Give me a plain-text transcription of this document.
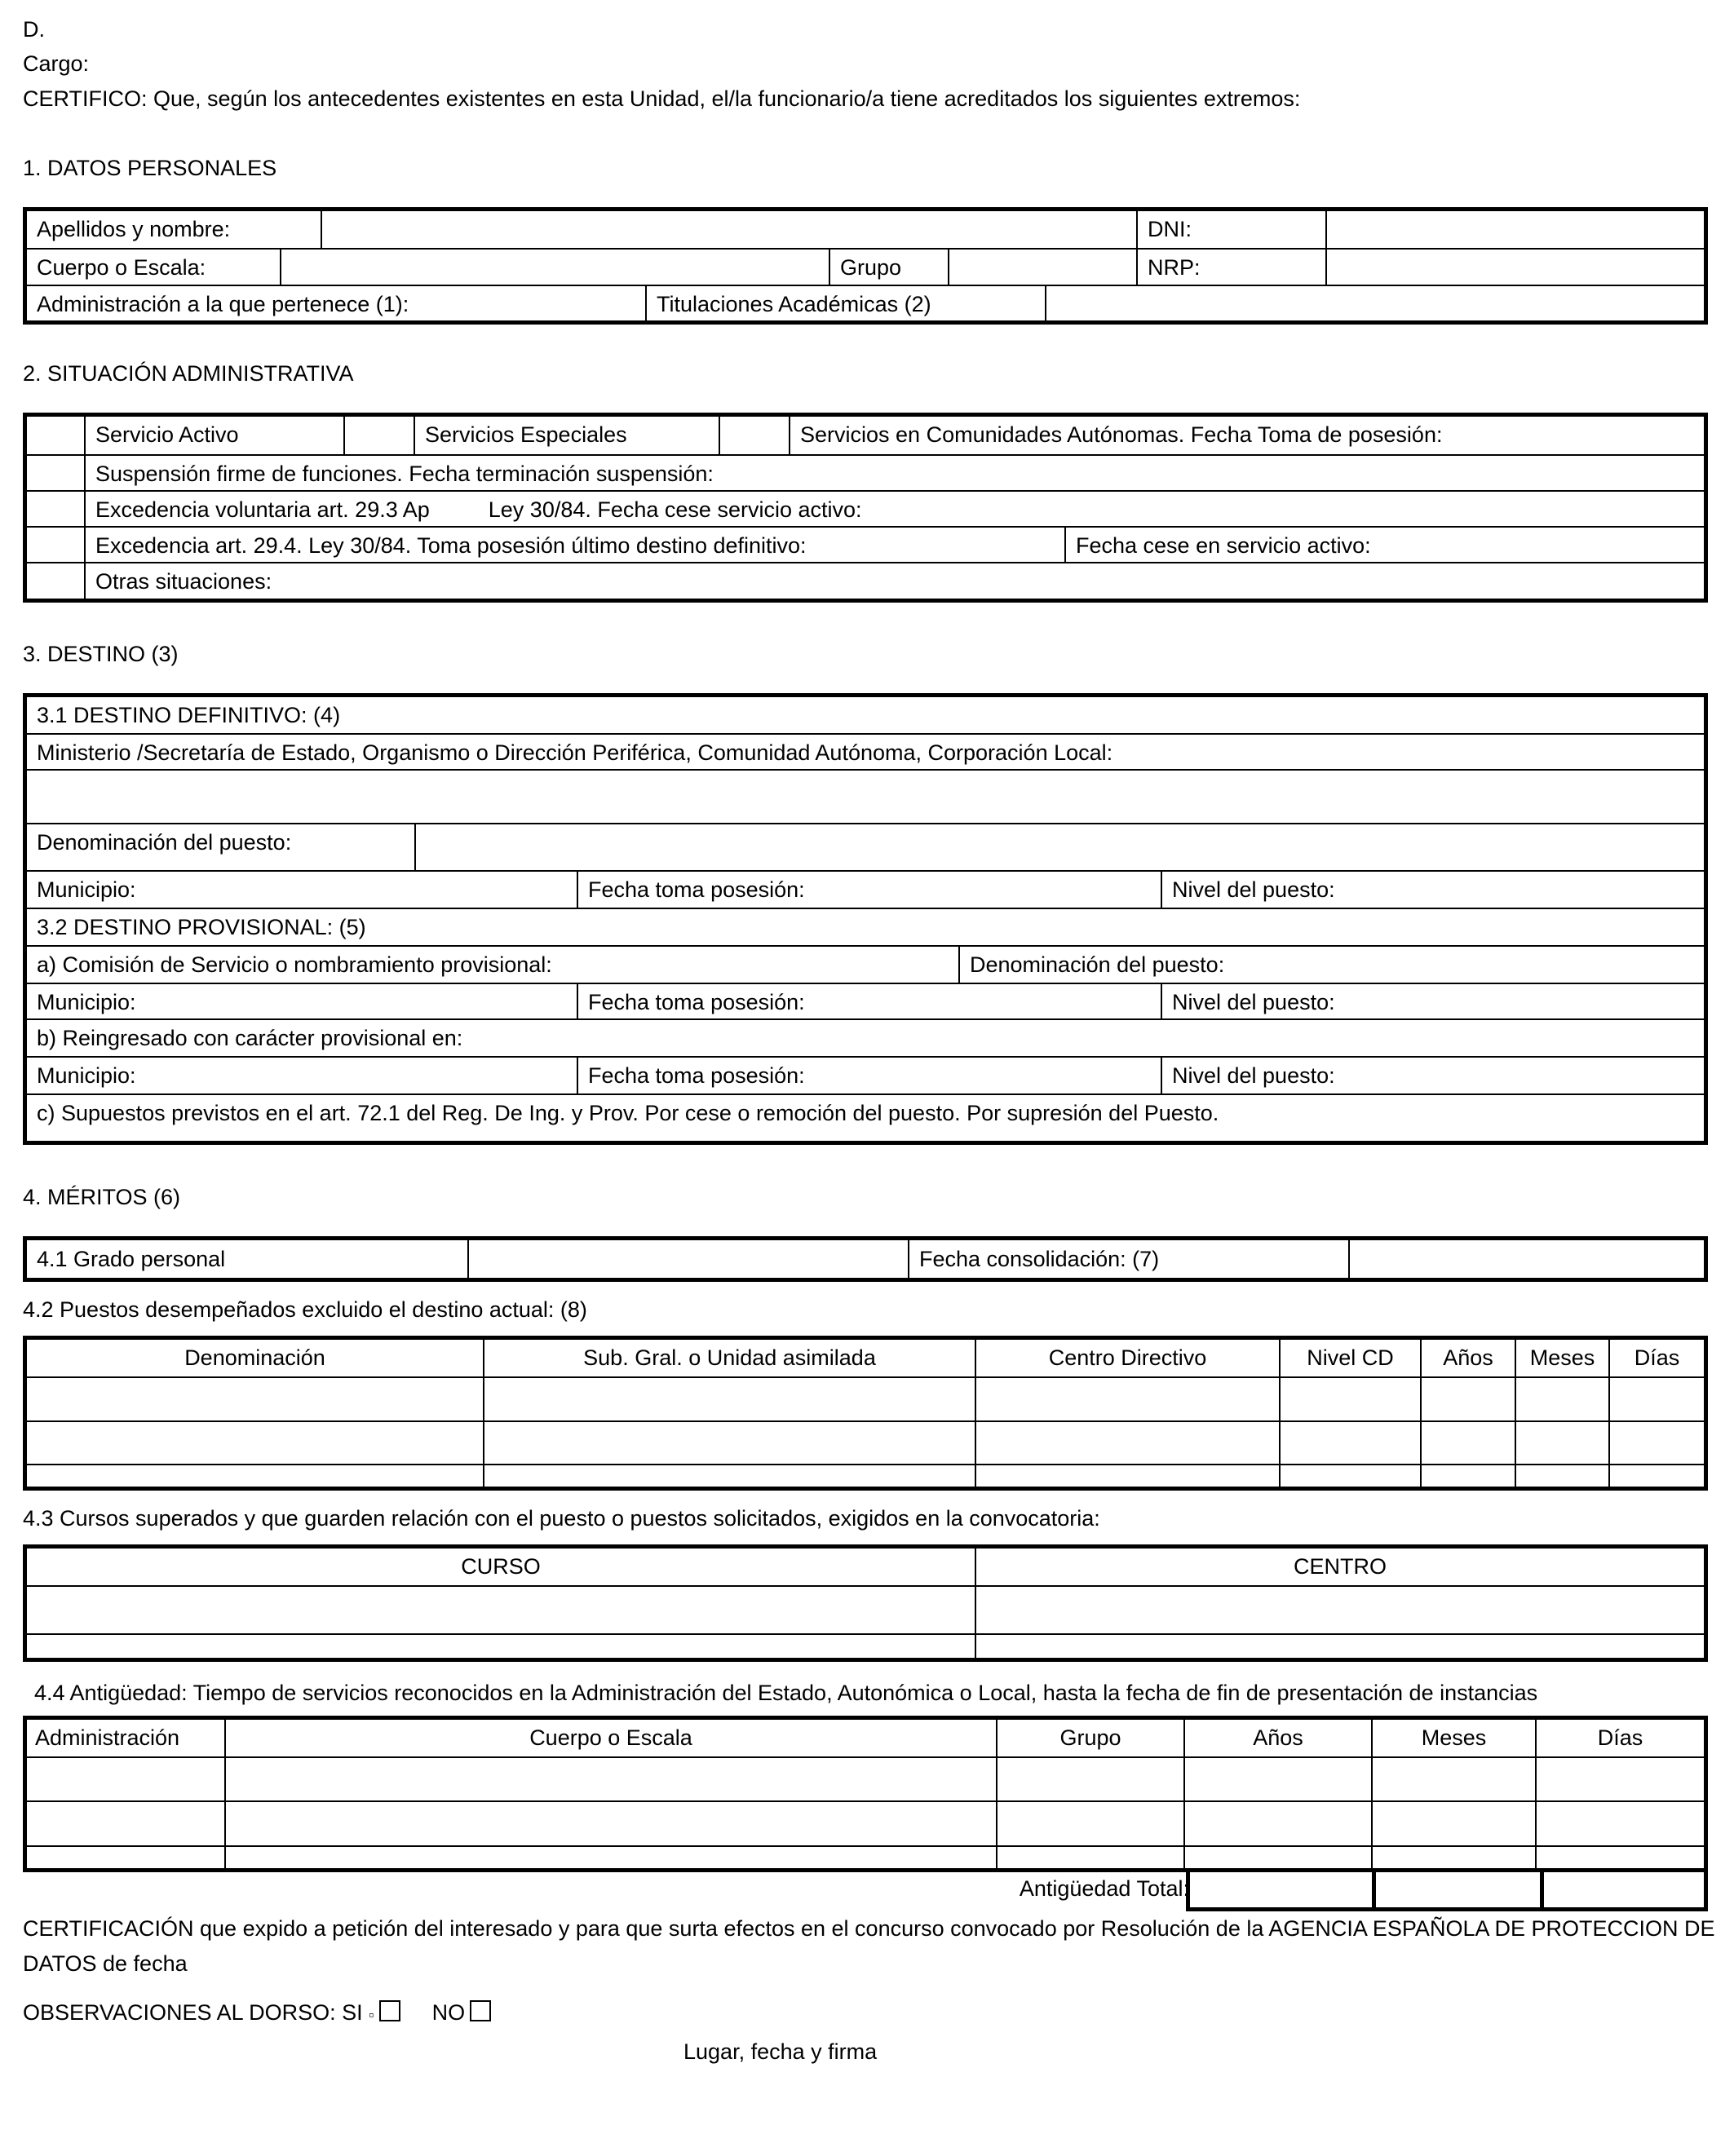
D.
Cargo:
CERTIFICO: Que, según los antecedentes existentes en esta Unidad, el/la funcionario/a tiene acreditados los siguientes extremos:
1. DATOS PERSONALES
Apellidos y nombre:	DNI:
Cuerpo o Escala:	Grupo	NRP:
Administración a la que pertenece (1):	Titulaciones Académicas (2)
2. SITUACIÓN ADMINISTRATIVA
Servicio Activo	Servicios Especiales	Servicios en Comunidades Autónomas. Fecha Toma de posesión:
Suspensión firme de funciones. Fecha terminación suspensión:
Excedencia voluntaria art. 29.3 Ap	Ley 30/84. Fecha cese servicio activo:
Excedencia art. 29.4. Ley 30/84. Toma posesión último destino definitivo:	Fecha cese en servicio activo:
Otras situaciones:
3. DESTINO (3)
3.1 DESTINO DEFINITIVO: (4)
Ministerio /Secretaría de Estado, Organismo o Dirección Periférica, Comunidad Autónoma, Corporación Local:
Denominación del puesto:
Municipio:	Fecha toma posesión:	Nivel del puesto:
3.2 DESTINO PROVISIONAL: (5)
a) Comisión de Servicio o nombramiento provisional:	Denominación del puesto:
Municipio:	Fecha toma posesión:	Nivel del puesto:
b) Reingresado con carácter provisional en:
Municipio:	Fecha toma posesión:	Nivel del puesto:
c) Supuestos previstos en el art. 72.1 del Reg. De Ing. y Prov. Por cese o remoción del puesto. Por supresión del Puesto.
4. MÉRITOS (6)
4.1 Grado personal	Fecha consolidación: (7)
4.2 Puestos desempeñados excluido el destino actual: (8)
Denominación	Sub. Gral. o Unidad asimilada	Centro Directivo	Nivel CD	Años	Meses	Días

4.3 Cursos superados y que guarden relación con el puesto o puestos solicitados, exigidos en la convocatoria:
CURSO	CENTRO

4.4 Antigüedad: Tiempo de servicios reconocidos en la Administración del Estado, Autonómica o Local, hasta la fecha de fin de presentación de instancias
Administración	Cuerpo o Escala	Grupo	Años	Meses	Días

Antigüedad Total:
CERTIFICACIÓN que expido a petición del interesado y para que surta efectos en el concurso convocado por Resolución de la AGENCIA ESPAÑOLA DE PROTECCION DE
DATOS de fecha
OBSERVACIONES AL DORSO: SI ▫	NO
Lugar, fecha y firma
